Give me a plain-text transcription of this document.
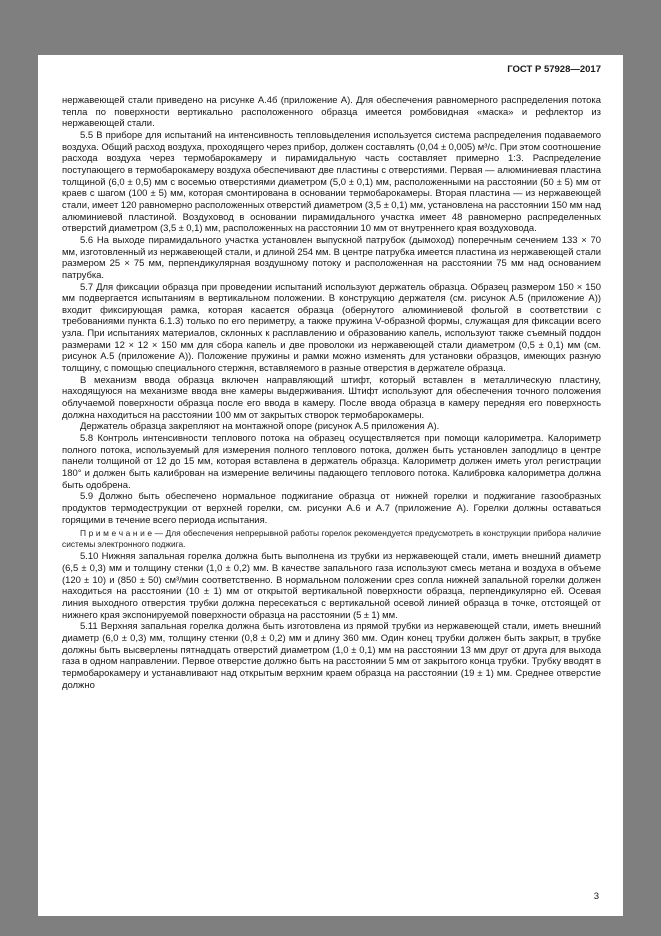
ГОСТ Р 57928—2017

нержавеющей стали приведено на рисунке А.4б (приложение А). Для обеспечения равномерного распределения потока тепла по поверхности вертикально расположенного образца имеется ромбовидная «маска» и рефлектор из нержавеющей стали.

5.5 В приборе для испытаний на интенсивность тепловыделения используется система распределения подаваемого воздуха. Общий расход воздуха, проходящего через прибор, должен составлять (0,04 ± 0,005) м³/с. При этом соотношение расхода воздуха через термобарокамеру и пирамидальную часть составляет примерно 1:3. Распределение поступающего в термобарокамеру воздуха обеспечивают две пластины с отверстиями. Первая — алюминиевая пластина толщиной (6,0 ± 0,5) мм с восемью отверстиями диаметром (5,0 ± 0,1) мм, расположенными на расстоянии (50 ± 5) мм от краев с шагом (100 ± 5) мм, которая смонтирована в основании термобарокамеры. Вторая пластина — из нержавеющей стали, имеет 120 равномерно расположенных отверстий диаметром (3,5 ± 0,1) мм, установлена на расстоянии 150 мм над алюминиевой пластиной. Воздуховод в основании пирамидального участка имеет 48 равномерно распределенных отверстий диаметром (3,5 ± 0,1) мм, расположенных на расстоянии 10 мм от внутреннего края воздуховода.

5.6 На выходе пирамидального участка установлен выпускной патрубок (дымоход) поперечным сечением 133 × 70 мм, изготовленный из нержавеющей стали, и длиной 254 мм. В центре патрубка имеется пластина из нержавеющей стали размером 25 × 75 мм, перпендикулярная воздушному потоку и расположенная на расстоянии 75 мм над основанием патрубка.

5.7 Для фиксации образца при проведении испытаний используют держатель образца. Образец размером 150 × 150 мм подвергается испытаниям в вертикальном положении. В конструкцию держателя (см. рисунок А.5 (приложение А)) входит фиксирующая рамка, которая касается образца (обернутого алюминиевой фольгой в соответствии с требованиями пункта 6.1.3) только по его периметру, а также пружина V-образной формы, служащая для фиксации всего узла. При испытаниях материалов, склонных к расплавлению и образованию капель, используют также съемный поддон размерами 12 × 12 × 150 мм для сбора капель и две проволоки из нержавеющей стали диаметром (0,5 ± 0,1) мм (см. рисунок А.5 (приложение А)). Положение пружины и рамки можно изменять для установки образцов, имеющих разную толщину, с помощью специального стержня, вставляемого в разные отверстия в держателе образца.

В механизм ввода образца включен направляющий штифт, который вставлен в металлическую пластину, находящуюся на механизме ввода вне камеры выдерживания. Штифт используют для обеспечения точного положения облучаемой поверхности образца после его ввода в камеру. После ввода образца в камеру передняя его поверхность должна находиться на расстоянии 100 мм от закрытых створок термобарокамеры.

Держатель образца закрепляют на монтажной опоре (рисунок А.5 приложения А).

5.8 Контроль интенсивности теплового потока на образец осуществляется при помощи калориметра. Калориметр полного потока, используемый для измерения полного теплового потока, должен быть установлен заподлицо в центре панели толщиной от 12 до 15 мм, которая вставлена в держатель образца. Калориметр должен иметь угол регистрации 180° и должен быть калиброван на измерение величины падающего теплового потока. Калибровка калориметра должна быть одобрена.

5.9 Должно быть обеспечено нормальное поджигание образца от нижней горелки и поджигание газообразных продуктов термодеструкции от верхней горелки, см. рисунки А.6 и А.7 (приложение А). Горелки должны оставаться горящими в течение всего периода испытания.

П р и м е ч а н и е — Для обеспечения непрерывной работы горелок рекомендуется предусмотреть в конструкции прибора наличие системы электронного поджига.

5.10 Нижняя запальная горелка должна быть выполнена из трубки из нержавеющей стали, иметь внешний диаметр (6,5 ± 0,3) мм и толщину стенки (1,0 ± 0,2) мм. В качестве запального газа используют смесь метана и воздуха в объеме (120 ± 10) и (850 ± 50) см³/мин соответственно. В нормальном положении срез сопла нижней запальной горелки должен находиться на расстоянии (10 ± 1) мм от открытой вертикальной поверхности образца, перпендикулярно ей. Осевая линия выходного отверстия трубки должна пересекаться с вертикальной осевой линией образца в точке, отстоящей от нижнего края экспонируемой поверхности образца на расстоянии (5 ± 1) мм.

5.11 Верхняя запальная горелка должна быть изготовлена из прямой трубки из нержавеющей стали, иметь внешний диаметр (6,0 ± 0,3) мм, толщину стенки (0,8 ± 0,2) мм и длину 360 мм. Один конец трубки должен быть закрыт, в трубке должны быть высверлены пятнадцать отверстий диаметром (1,0 ± 0,1) мм на расстоянии 13 мм друг от друга для выхода газа в одном направлении. Первое отверстие должно быть на расстоянии 5 мм от закрытого конца трубки. Трубку вводят в термобарокамеру и устанавливают над открытым верхним краем образца на расстоянии (19 ± 1) мм. Среднее отверстие должно

3
